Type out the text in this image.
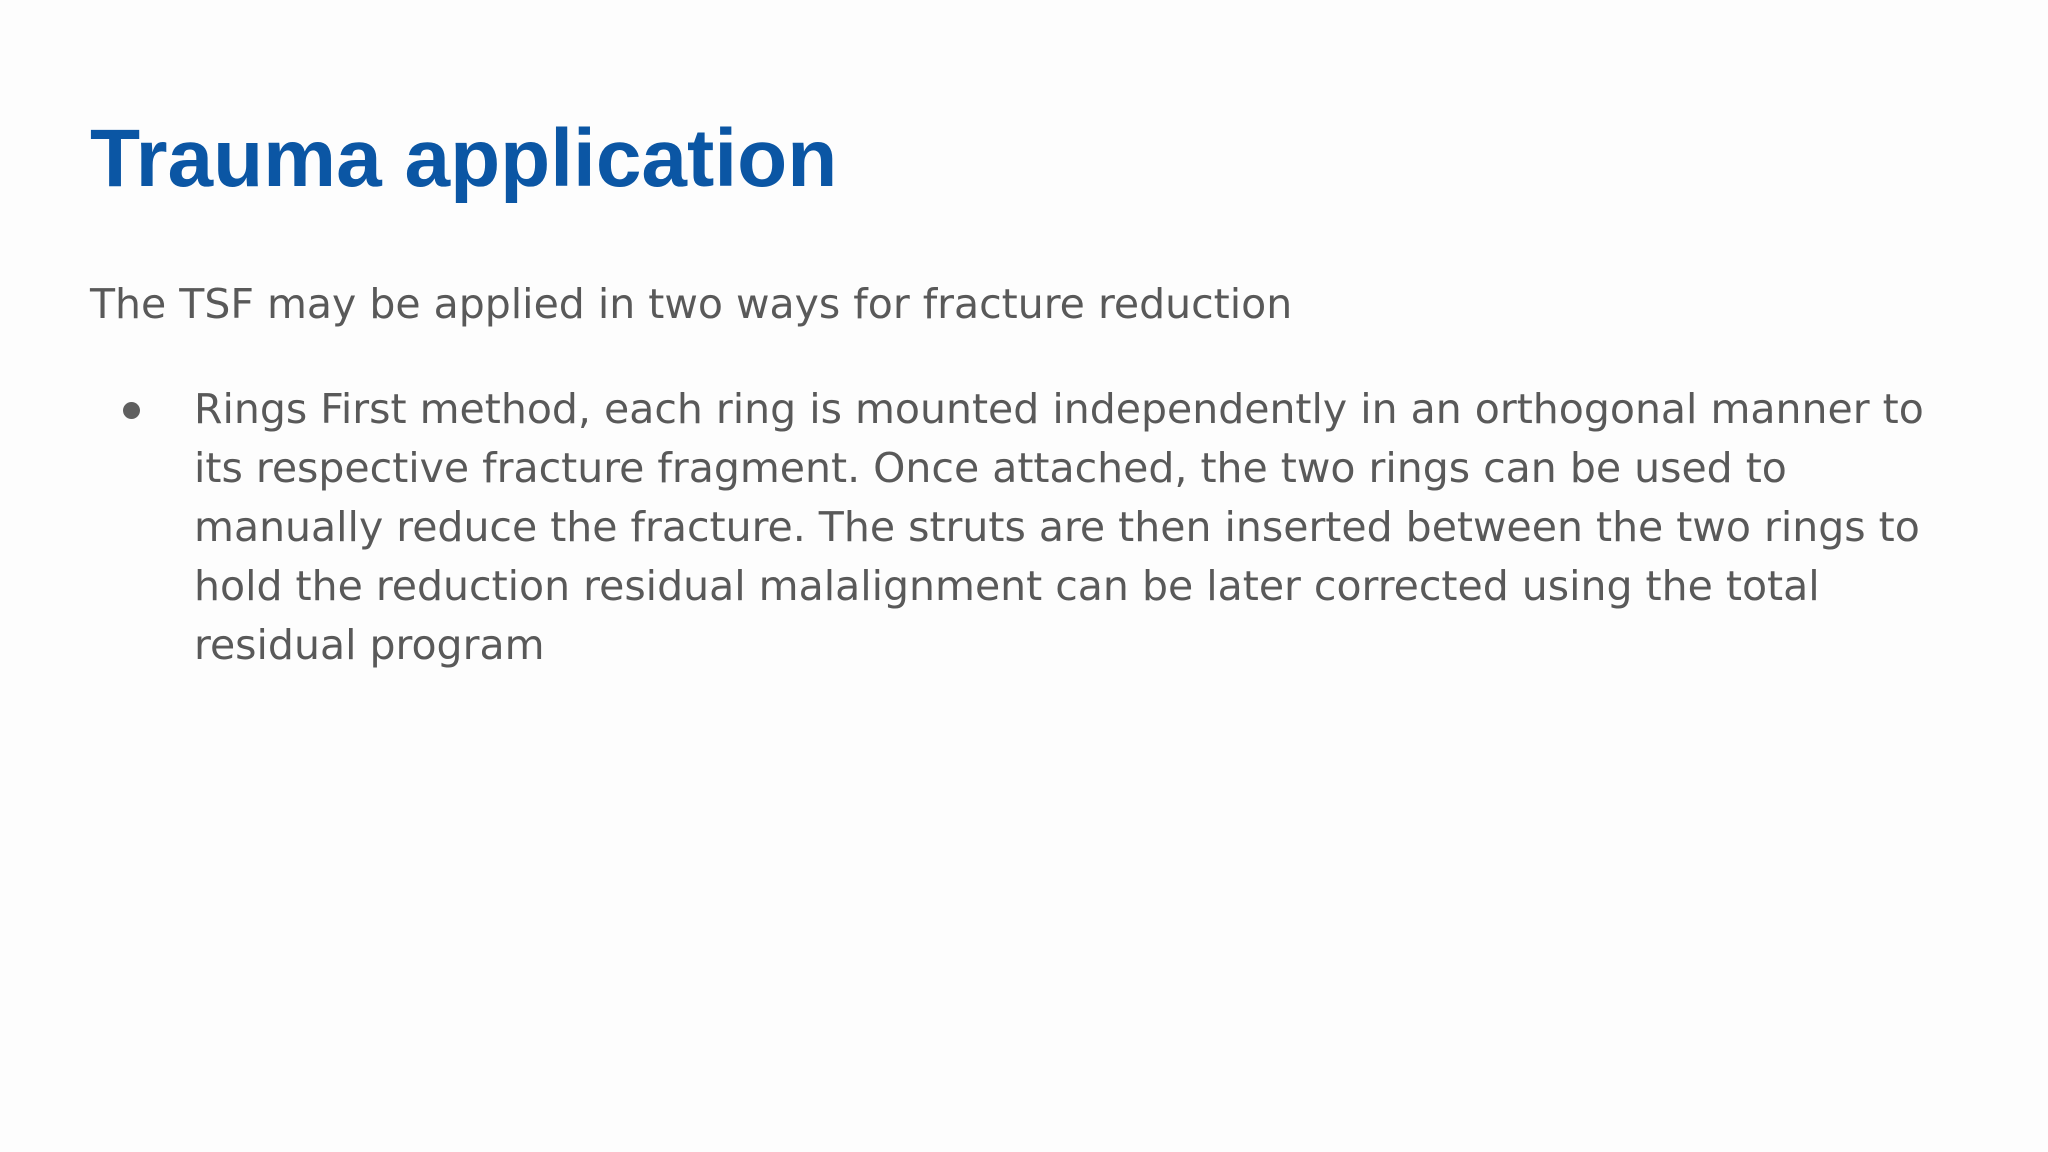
Trauma application

The TSF may be applied in two ways for fracture reduction

Rings First method, each ring is mounted independently in an orthogonal manner to its respective fracture fragment. Once attached, the two rings can be used to manually reduce the fracture. The struts are then inserted between the two rings to hold the reduction residual malalignment can be later corrected using the total residual program
